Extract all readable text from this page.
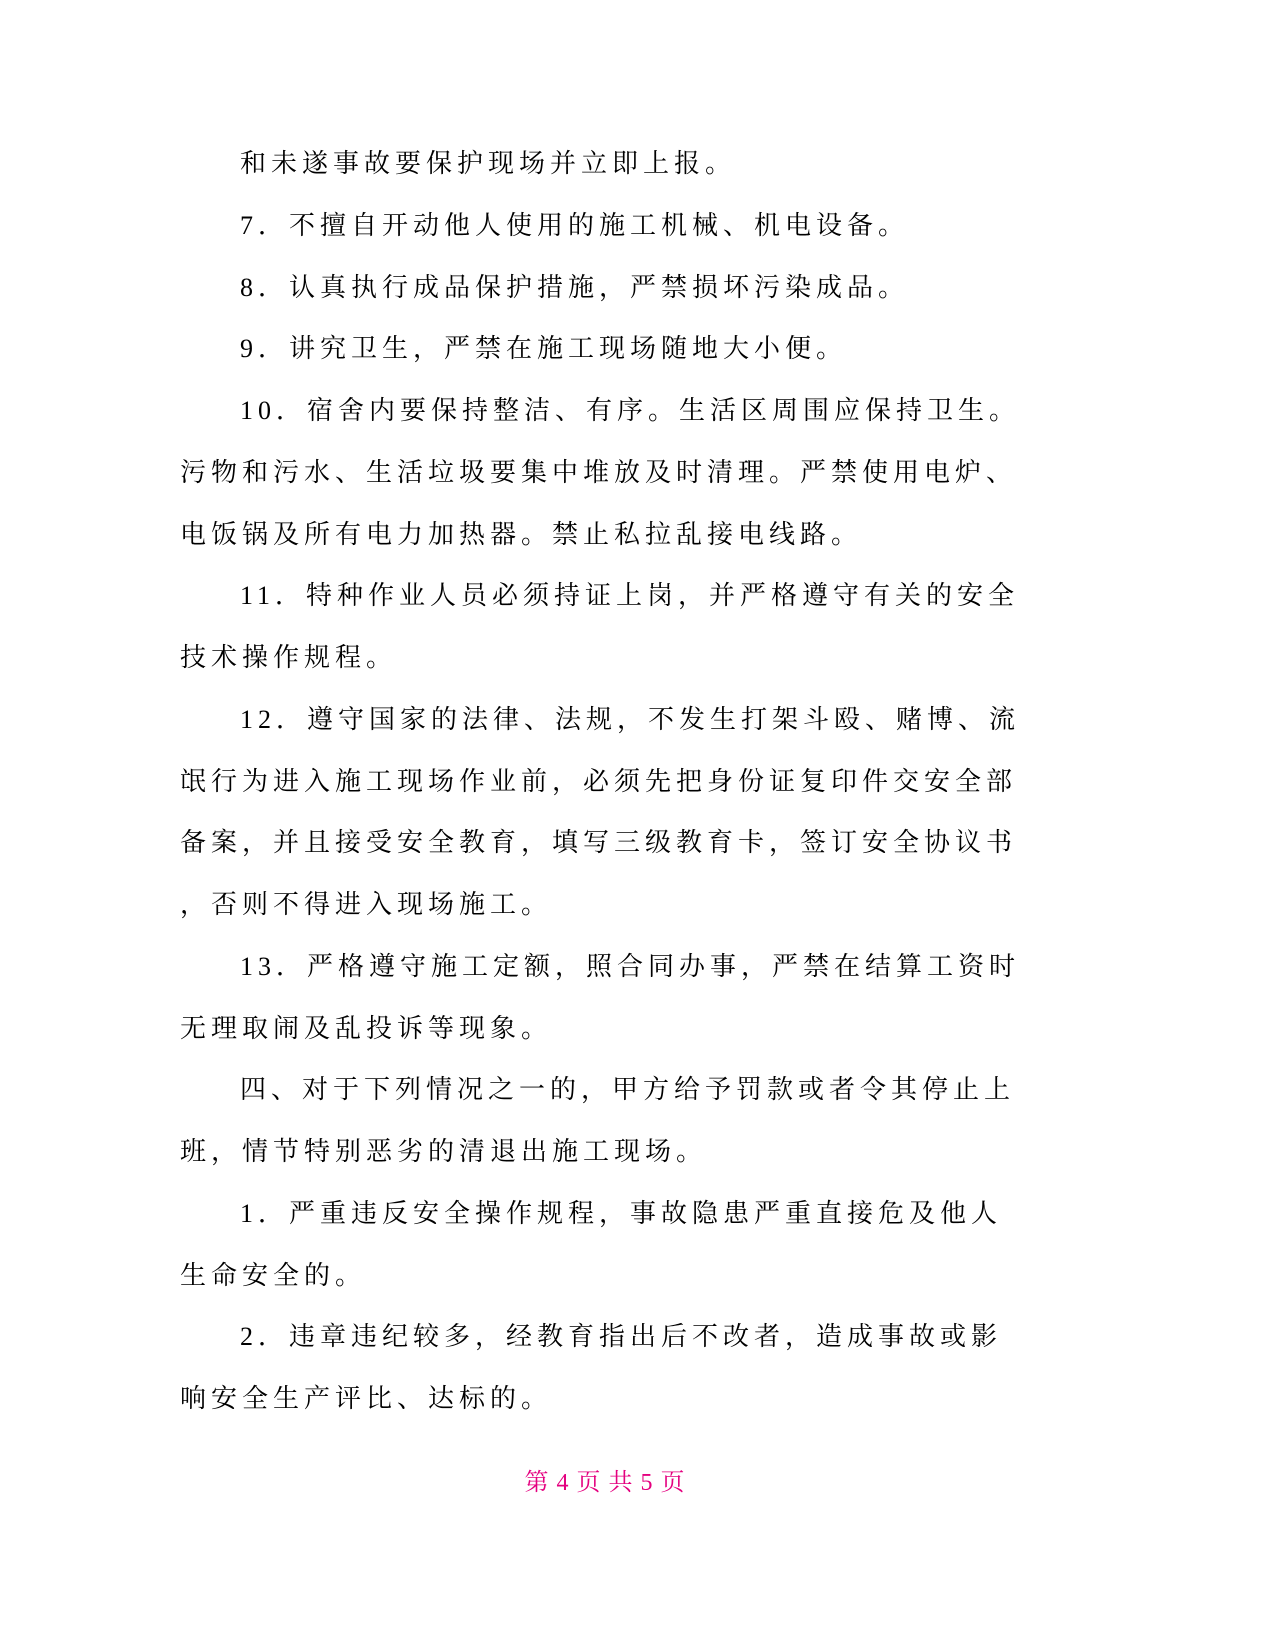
和未遂事故要保护现场并立即上报。
7．不擅自开动他人使用的施工机械、机电设备。
8．认真执行成品保护措施，严禁损坏污染成品。
9．讲究卫生，严禁在施工现场随地大小便。
10．宿舍内要保持整洁、有序。生活区周围应保持卫生。
污物和污水、生活垃圾要集中堆放及时清理。严禁使用电炉、
电饭锅及所有电力加热器。禁止私拉乱接电线路。
11．特种作业人员必须持证上岗，并严格遵守有关的安全
技术操作规程。
12．遵守国家的法律、法规，不发生打架斗殴、赌博、流
氓行为进入施工现场作业前，必须先把身份证复印件交安全部
备案，并且接受安全教育，填写三级教育卡，签订安全协议书
，否则不得进入现场施工。
13．严格遵守施工定额，照合同办事，严禁在结算工资时
无理取闹及乱投诉等现象。
四、对于下列情况之一的，甲方给予罚款或者令其停止上
班，情节特别恶劣的清退出施工现场。
1．严重违反安全操作规程，事故隐患严重直接危及他人
生命安全的。
2．违章违纪较多，经教育指出后不改者，造成事故或影
响安全生产评比、达标的。
第 4 页 共 5 页
